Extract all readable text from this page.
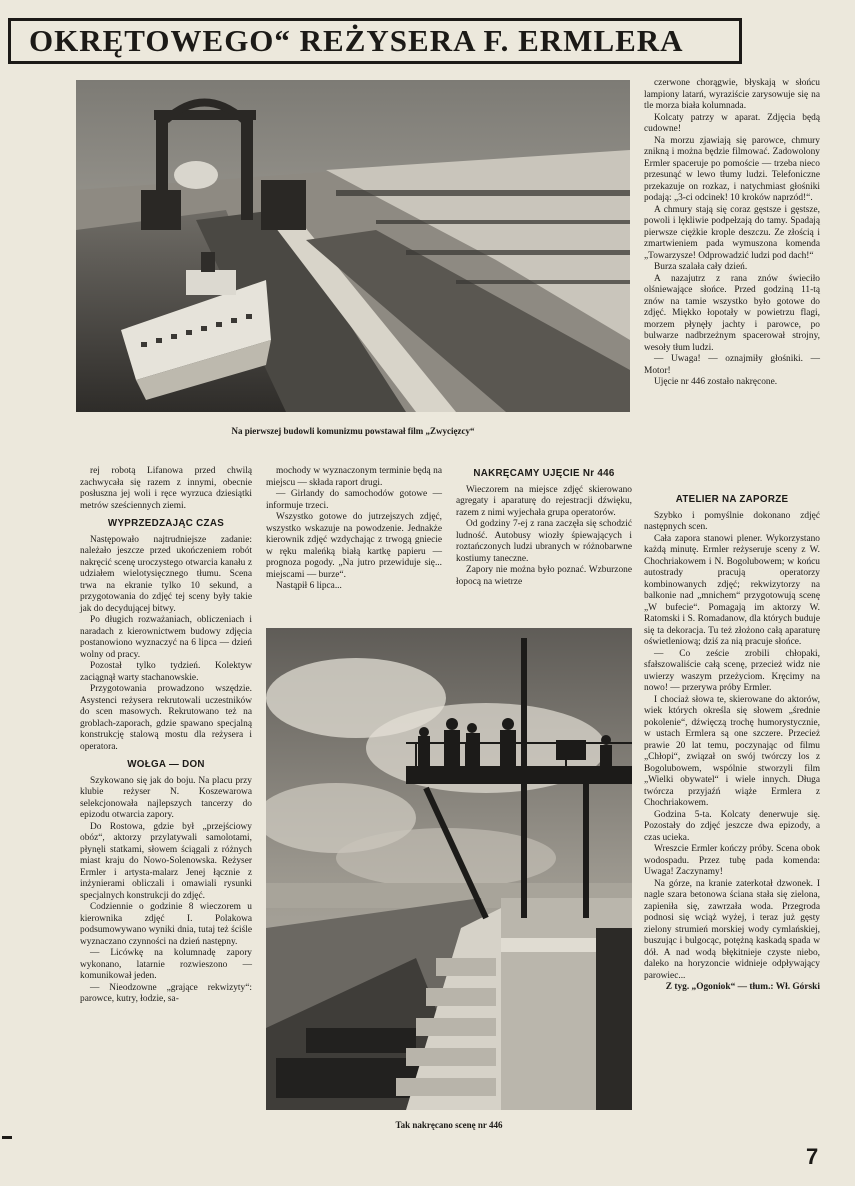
OKRĘTOWEGO“ REŻYSERA F. ERMLERA
Na pierwszej budowli komunizmu powstawał film „Zwycięzcy“

czerwone chorągwie, błyskają w słońcu lampiony latarń, wyraziście zarysowuje się na tle morza biała kolumnada.

Kolcaty patrzy w aparat. Zdjęcia będą cudowne!

Na morzu zjawiają się parowce, chmury znikną i można będzie filmować. Zadowolony Ermler spaceruje po pomoście — trzeba nieco przesunąć w lewo tłumy ludzi. Telefoniczne przekazuje on rozkaz, i natychmiast głośniki podają: „3-ci odcinek! 10 kroków naprzód!“.

A chmury stają się coraz gęstsze i gęstsze, powoli i lękliwie podpełzają do tamy. Spadają pierwsze ciężkie krople deszczu. Ze złością i zmartwieniem pada wymuszona komenda „Towarzysze! Odprowadzić ludzi pod dach!“

Burza szalała cały dzień.

A nazajutrz z rana znów świeciło olśniewające słońce. Przed godziną 11-tą znów na tamie wszystko było gotowe do zdjęć. Miękko łopotały w powietrzu flagi, morzem płynęły jachty i parowce, po bulwarze nadbrzeżnym spacerował strojny, wesoły tłum ludzi.

— Uwaga! — oznajmiły głośniki. — Motor!

Ujęcie nr 446 zostało nakręcone.

rej robotą Lifanowa przed chwilą zachwycała się razem z innymi, obecnie posłuszna jej woli i ręce wyrzuca dziesiątki metrów sześciennych ziemi.

WYPRZEDZAJĄC CZAS

Następowało najtrudniejsze zadanie: należało jeszcze przed ukończeniem robót nakręcić scenę uroczystego otwarcia kanału z udziałem wielotysięcznego tłumu. Scena trwa na ekranie tylko 10 sekund, a przygotowania do zdjęć tej sceny były takie jak do decydującej bitwy.

Po długich rozważaniach, obliczeniach i naradach z kierownictwem budowy zdjęcia postanowiono wyznaczyć na 6 lipca — dzień wolny od pracy.

Pozostał tylko tydzień. Kolektyw zaciągnął warty stachanowskie.

Przygotowania prowadzono wszędzie. Asystenci reżysera rekrutowali uczestników do scen masowych. Rekrutowano też na groblach-zaporach, gdzie spawano specjalną konstrukcję stalową mostu dla reżysera i operatora.

WOŁGA — DON

Szykowano się jak do boju. Na placu przy klubie reżyser N. Koszewarowa selekcjonowała najlepszych tancerzy do epizodu otwarcia zapory.

Do Rostowa, gdzie był „przejściowy obóz“, aktorzy przylatywali samolotami, płynęli statkami, słowem ściągali z różnych miast kraju do Nowo-Solenowska. Reżyser Ermler i artysta-malarz Jenej łącznie z inżynierami obliczali i omawiali rysunki specjalnych konstrukcji do zdjęć.

Codziennie o godzinie 8 wieczorem u kierownika zdjęć I. Polakowa podsumowywano wyniki dnia, tutaj też ściśle wyznaczano czynności na dzień następny.

— Licówkę na kolumnadę zapory wykonano, latarnie rozwieszono — komunikował jeden.

— Nieodzowne „grające rekwizyty“: parowce, kutry, łodzie, sa-

mochody w wyznaczonym terminie będą na miejscu — składa raport drugi.

— Girlandy do samochodów gotowe — informuje trzeci.

Wszystko gotowe do jutrzejszych zdjęć, wszystko wskazuje na powodzenie. Jednakże kierownik zdjęć wzdychając z trwogą gniecie w ręku maleńką białą kartkę papieru — prognoza pogody. „Na jutro przewiduje się... miejscami — burze“.

Nastąpił 6 lipca...

NAKRĘCAMY UJĘCIE Nr 446

Wieczorem na miejsce zdjęć skierowano agregaty i aparaturę do rejestracji dźwięku, razem z nimi wyjechała grupa operatorów.

Od godziny 7-ej z rana zaczęła się schodzić ludność. Autobusy wiozły śpiewających i roztańczonych ludzi ubranych w różnobarwne kostiumy taneczne.

Zapory nie można było poznać. Wzburzone łopocą na wietrze

Tak nakręcano scenę nr 446
ATELIER NA ZAPORZE

Szybko i pomyślnie dokonano zdjęć następnych scen.

Cała zapora stanowi plener. Wykorzystano każdą minutę. Ermler reżyseruje sceny z W. Chochriakowem i N. Bogolubowem; w końcu autostrady pracują operatorzy kombinowanych zdjęć; rekwizytorzy na balkonie nad „mnichem“ przygotowują scenę „W bufecie“. Pomagają im aktorzy W. Ratomski i S. Romadanow, dla których buduje się ta dekoracja. Tu też złożono całą aparaturę oświetleniową; dziś za nią pracuje słońce.

— Co zeście zrobili chłopaki, sfałszowaliście całą scenę, przecież widz nie uwierzy waszym przeżyciom. Kręcimy na nowo! — przerywa próby Ermler.

I chociaż słowa te, skierowane do aktorów, wiek których określa się słowem „średnie pokolenie“, dźwięczą trochę humorystycznie, w ustach Ermlera są one szczere. Przecież prawie 20 lat temu, poczynając od filmu „Chłopi“, związał on swój twórczy los z Bogolubowem, wspólnie stworzyli film „Wielki obywatel“ i wiele innych. Długa twórcza przyjaźń wiąże Ermlera z Chochriakowem.

Godzina 5-ta. Kolcaty denerwuje się. Pozostały do zdjęć jeszcze dwa epizody, a czas ucieka.

Wreszcie Ermler kończy próby. Scena obok wodospadu. Przez tubę pada komenda: Uwaga! Zaczynamy!

Na górze, na kranie zaterkotał dzwonek. I nagle szara betonowa ściana stała się zielona, zapieniła się, zawrzała woda. Przegroda podnosi się wciąż wyżej, i teraz już gęsty zielony strumień morskiej wody cymlańskiej, buszując i bulgocąc, potężną kaskadą spada w dół. A nad wodą błękitnieje czyste niebo, daleko na horyzoncie widnieje odpływający parowiec...

Z tyg. „Ogoniok“ — tłum.: Wł. Górski

7
